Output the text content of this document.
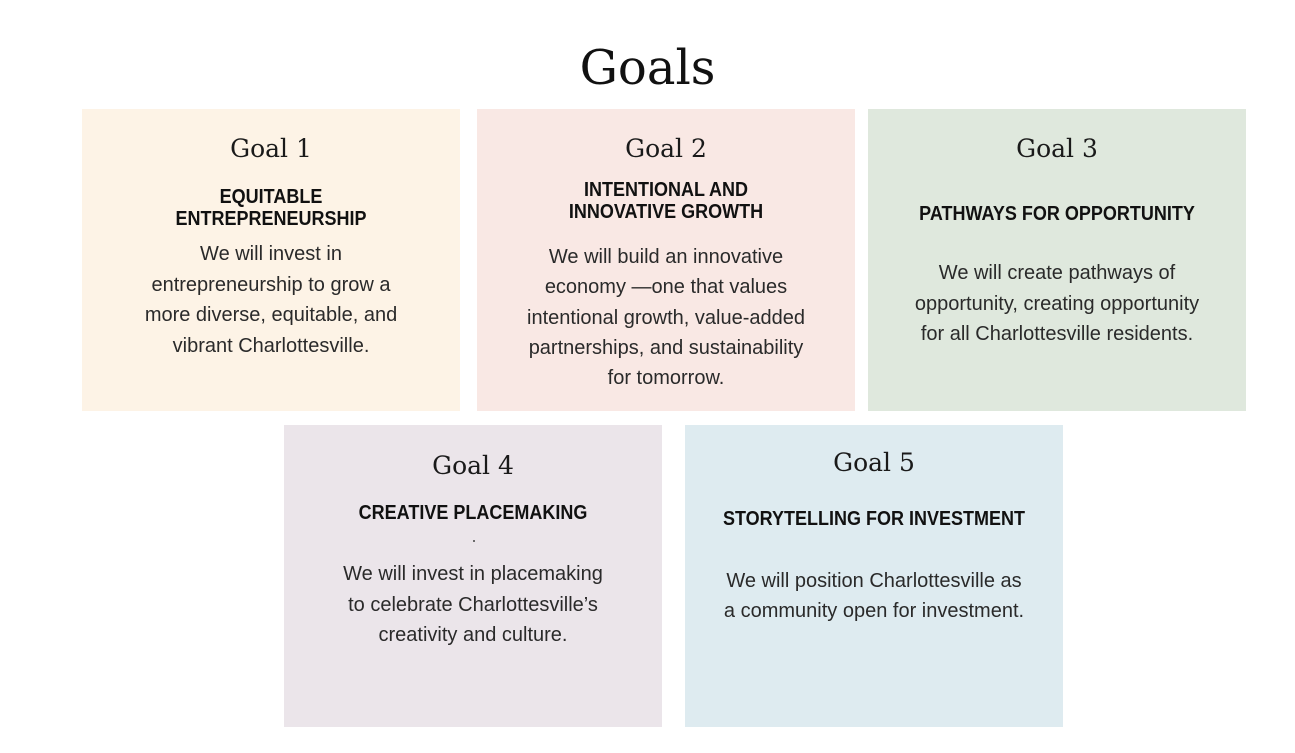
Goals
Goal 1
EQUITABLE
ENTREPRENEURSHIP
We will invest in
entrepreneurship to grow a
more diverse, equitable, and
vibrant Charlottesville.
Goal 2
INTENTIONAL AND
INNOVATIVE GROWTH
We will build an innovative
economy —one that values
intentional growth, value-added
partnerships, and sustainability
for tomorrow.
Goal 3
PATHWAYS FOR OPPORTUNITY
We will create pathways of
opportunity, creating opportunity
for all Charlottesville residents.
Goal 4
CREATIVE PLACEMAKING
We will invest in placemaking
to celebrate Charlottesville’s
creativity and culture.
Goal 5
STORYTELLING FOR INVESTMENT
We will position Charlottesville as
a community open for investment.
